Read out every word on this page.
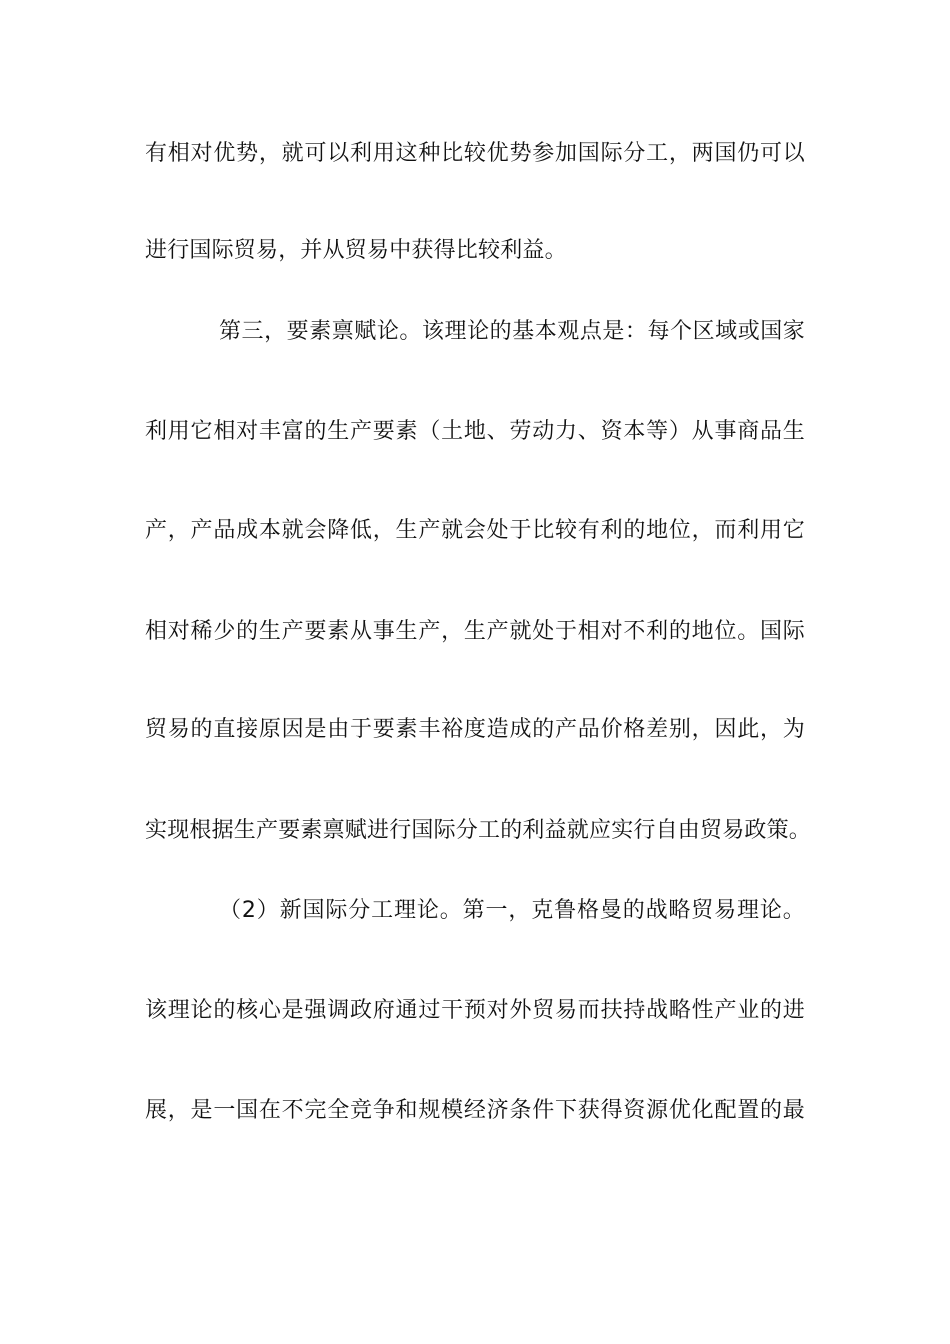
有相对优势，就可以利用这种比较优势参加国际分工，两国仍可以
进行国际贸易，并从贸易中获得比较利益。
第三，要素禀赋论。该理论的基本观点是：每个区域或国家
利用它相对丰富的生产要素（土地、劳动力、资本等）从事商品生
产，产品成本就会降低，生产就会处于比较有利的地位，而利用它
相对稀少的生产要素从事生产，生产就处于相对不利的地位。国际
贸易的直接原因是由于要素丰裕度造成的产品价格差别，因此，为
实现根据生产要素禀赋进行国际分工的利益就应实行自由贸易政策。
（2）新国际分工理论。第一，克鲁格曼的战略贸易理论。
该理论的核心是强调政府通过干预对外贸易而扶持战略性产业的进
展，是一国在不完全竞争和规模经济条件下获得资源优化配置的最
